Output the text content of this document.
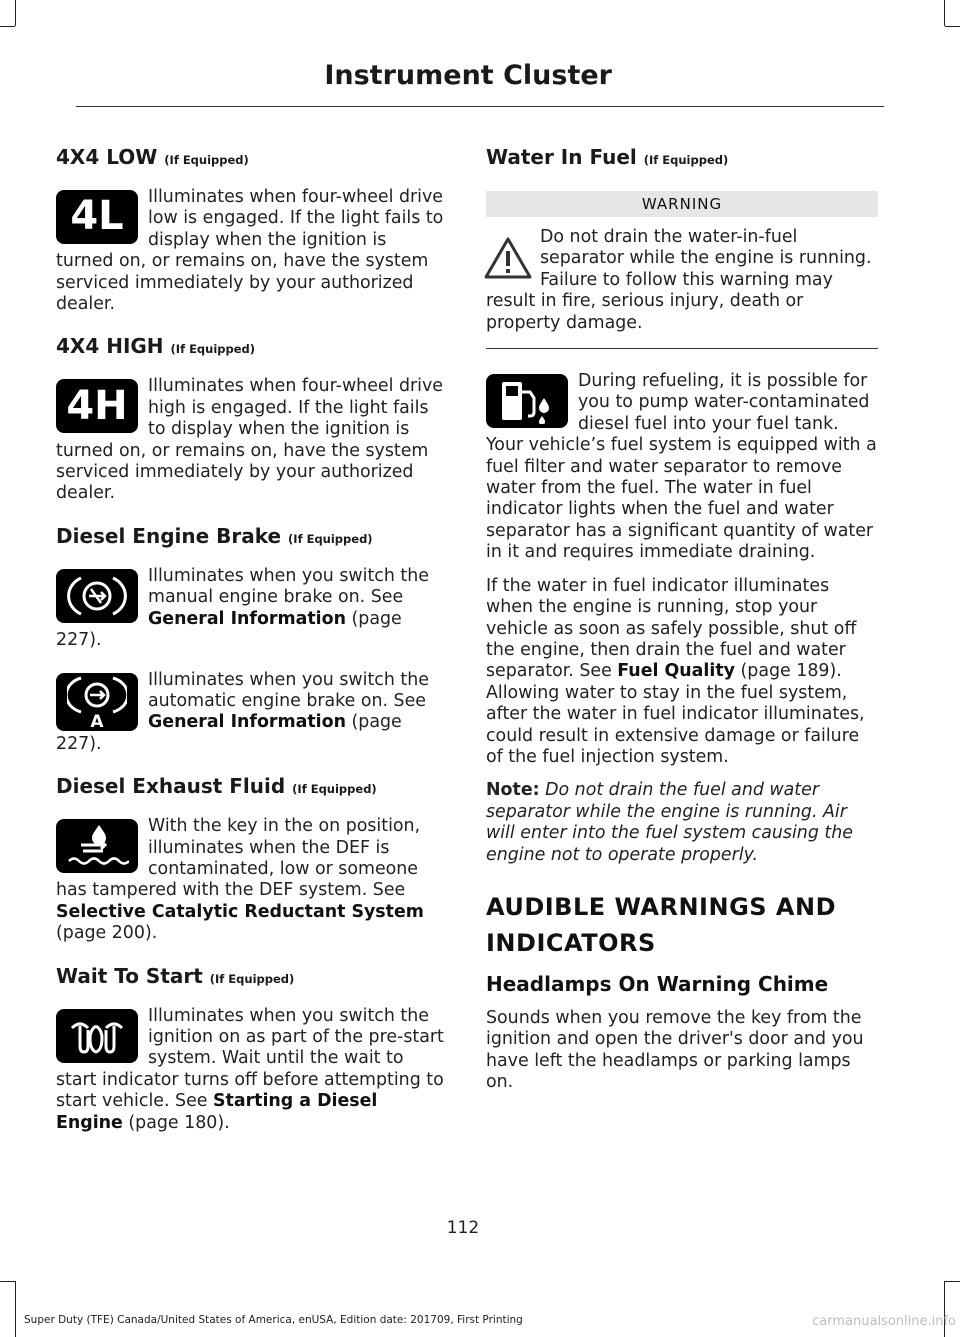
Instrument Cluster
4X4 LOW (If Equipped)
4L	Illuminates when four-wheel drive low is engaged. If the light fails to display when the ignition is turned on, or remains on, have the system serviced immediately by your authorized dealer.
4X4 HIGH (If Equipped)
4H	Illuminates when four-wheel drive high is engaged. If the light fails to display when the ignition is turned on, or remains on, have the system serviced immediately by your authorized dealer.
Diesel Engine Brake (If Equipped)
Illuminates when you switch the manual engine brake on. See General Information (page 227).
A
Illuminates when you switch the automatic engine brake on. See General Information (page 227).
Diesel Exhaust Fluid (If Equipped)
With the key in the on position, illuminates when the DEF is contaminated, low or someone has tampered with the DEF system. See Selective Catalytic Reductant System (page 200).
Wait To Start (If Equipped)
Illuminates when you switch the ignition on as part of the pre-start system. Wait until the wait to start indicator turns off before attempting to start vehicle. See Starting a Diesel Engine (page 180).
Water In Fuel (If Equipped)
WARNING
Do not drain the water-in-fuel separator while the engine is running. Failure to follow this warning may result in fire, serious injury, death or property damage.
During refueling, it is possible for you to pump water-contaminated diesel fuel into your fuel tank. Your vehicle’s fuel system is equipped with a fuel filter and water separator to remove water from the fuel. The water in fuel indicator lights when the fuel and water separator has a significant quantity of water in it and requires immediate draining.

If the water in fuel indicator illuminates when the engine is running, stop your vehicle as soon as safely possible, shut off the engine, then drain the fuel and water separator. See Fuel Quality (page 189). Allowing water to stay in the fuel system, after the water in fuel indicator illuminates, could result in extensive damage or failure of the fuel injection system.

Note: Do not drain the fuel and water separator while the engine is running. Air will enter into the fuel system causing the engine not to operate properly.

AUDIBLE WARNINGS AND
INDICATORS
Headlamps On Warning Chime

Sounds when you remove the key from the ignition and open the driver's door and you have left the headlamps or parking lamps on.

112
Super Duty (TFE) Canada/United States of America, enUSA, Edition date: 201709, First Printing	carmanualsonline.info
